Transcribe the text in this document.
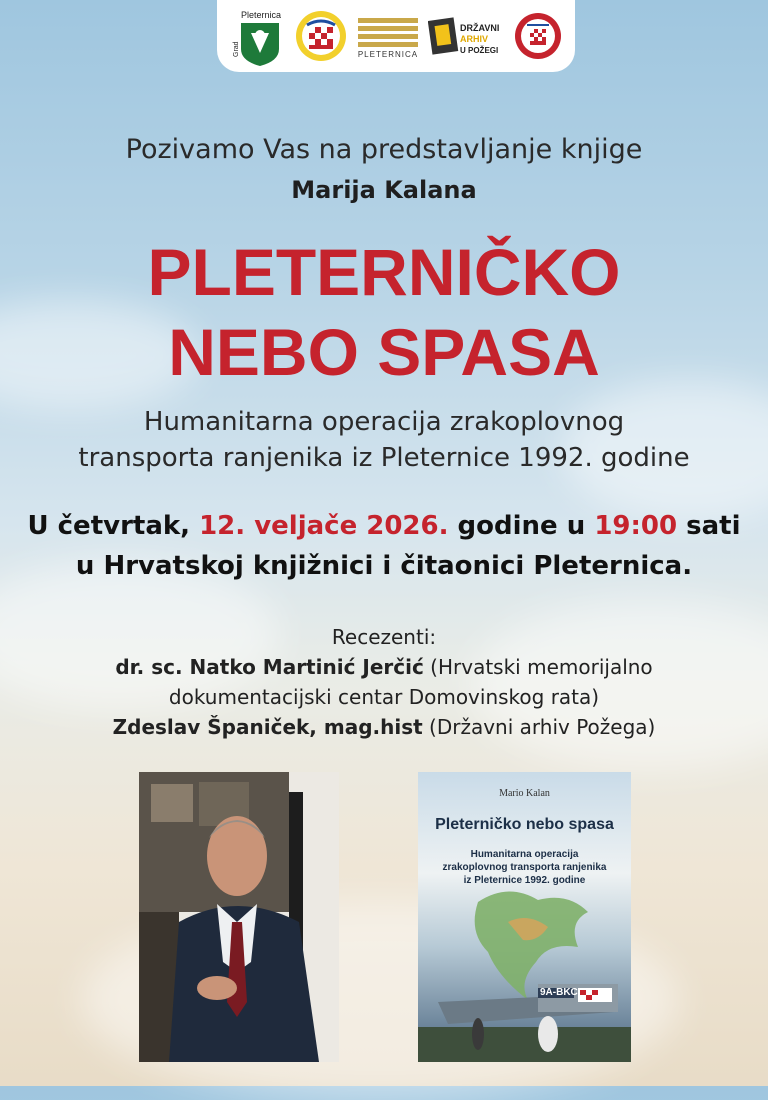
Pleternica
Grad	PLETERNICA
DRŽAVNI
ARHIV
U POŽEGI
Pozivamo Vas na predstavljanje knjige
Marija Kalana
PLETERNIČKO
NEBO SPASA
Humanitarna operacija zrakoplovnog
transporta ranjenika iz Pleternice 1992. godine
U četvrtak, 12. veljače 2026. godine u 19:00 sati
u Hrvatskoj knjižnici i čitaonici Pleternica.
Recezenti:
dr. sc. Natko Martinić Jerčić (Hrvatski memorijalno
dokumentacijski centar Domovinskog rata)
Zdeslav Španiček, mag.hist (Državni arhiv Požega)
Mario Kalan
Pleterničko nebo spasa
Humanitarna operacija
zrakoplovnog transporta ranjenika
iz Pleternice 1992. godine
9A-BKC
